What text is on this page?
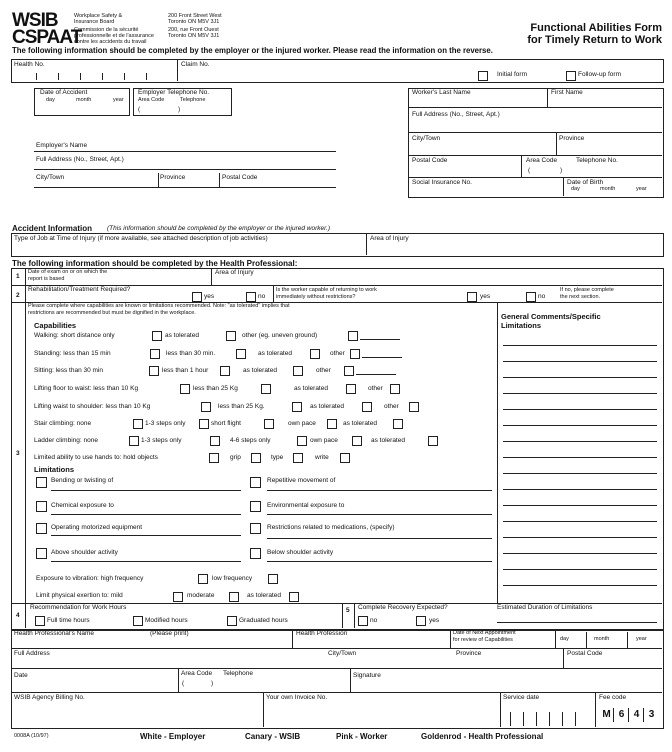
WSIB
CSPAAT
Workplace Safety &
Insurance Board
Commission de la sécurité
professionnelle et de l'assurance
contre les accidents du travail
200 Front Street West
Toronto ON M5V 3J1
200, rue Front Ouest
Toronto ON M5V 3J1
Functional Abilities Form
for Timely Return to Work
The following information should be completed by the employer or the injured worker. Please read the information on the reverse.
Health No.	Claim No.
Initial form	Follow-up form
Date of Accident
day	month	year
Employer Telephone No.
Area Code	Telephone
(	)
Employer's Name
Full Address (No., Street, Apt.)
City/Town	Province	Postal Code
Worker's Last Name	First Name
Full Address (No., Street, Apt.)
City/Town	Province
Postal Code	Area Code	Telephone No.
(	)
Social Insurance No.	Date of Birth
day	month	year
Accident Information (This information should be completed by the employer or the injured worker.)
Type of Job at Time of Injury (if more available, see attached description of job activities)	Area of Injury
The following information should be completed by the Health Professional:
1
Date of exam on or on which the
report is based
Area of Injury
2
Rehabilitation/Treatment Required?
yes	no
Is the worker capable of returning to work
immediately without restrictions?	yes	no
If no, please complete
the next section.
3
Please complete where capabilities are known or limitations recommended. Note: "as tolerated" implies that
restrictions are recommended but must be dignified in the workplace.	General Comments/Specific
Limitations
Capabilities
Walking: short distance only	as tolerated	other (eg. uneven ground)
Standing: less than 15 min	less than 30 min.	as tolerated	other
Sitting: less than 30 min	less than 1 hour	as tolerated	other
Lifting floor to waist: less than 10 Kg	less than 25 Kg	as tolerated	other
Lifting waist to shoulder: less than 10 Kg	less than 25 Kg.	as tolerated	other
Stair climbing: none	1-3 steps only	short flight	own pace	as tolerated
Ladder climbing: none	1-3 steps only	4-6 steps only	own pace	as tolerated
Limited ability to use hands to: hold objects	grip	type	write
Limitations
Bending or twisting of	Repetitive movement of
Chemical exposure to	Environmental exposure to
Operating motorized equipment	Restrictions related to medications, (specify)
Above shoulder activity	Below shoulder activity
Exposure to vibration: high frequency	low frequency
Limit physical exertion to: mild	moderate	as tolerated
4
Recommendation for Work Hours
Full time hours	Modified hours	Graduated hours
5 Complete Recovery Expected?
no	yes
Estimated Duration of Limitations
Health Professional's Name	(Please print)	Health Profession	Date of Next Appointment
for review of Capabilities	day	month	year
Full Address	City/Town	Province	Postal Code
Date	Area Code Telephone
(	)
Signature
WSIB Agency Billing No.	Your own Invoice No.	Service date	Fee code
M 6 4 3
0008A (10/97)	White - Employer	Canary - WSIB	Pink - Worker	Goldenrod - Health Professional
